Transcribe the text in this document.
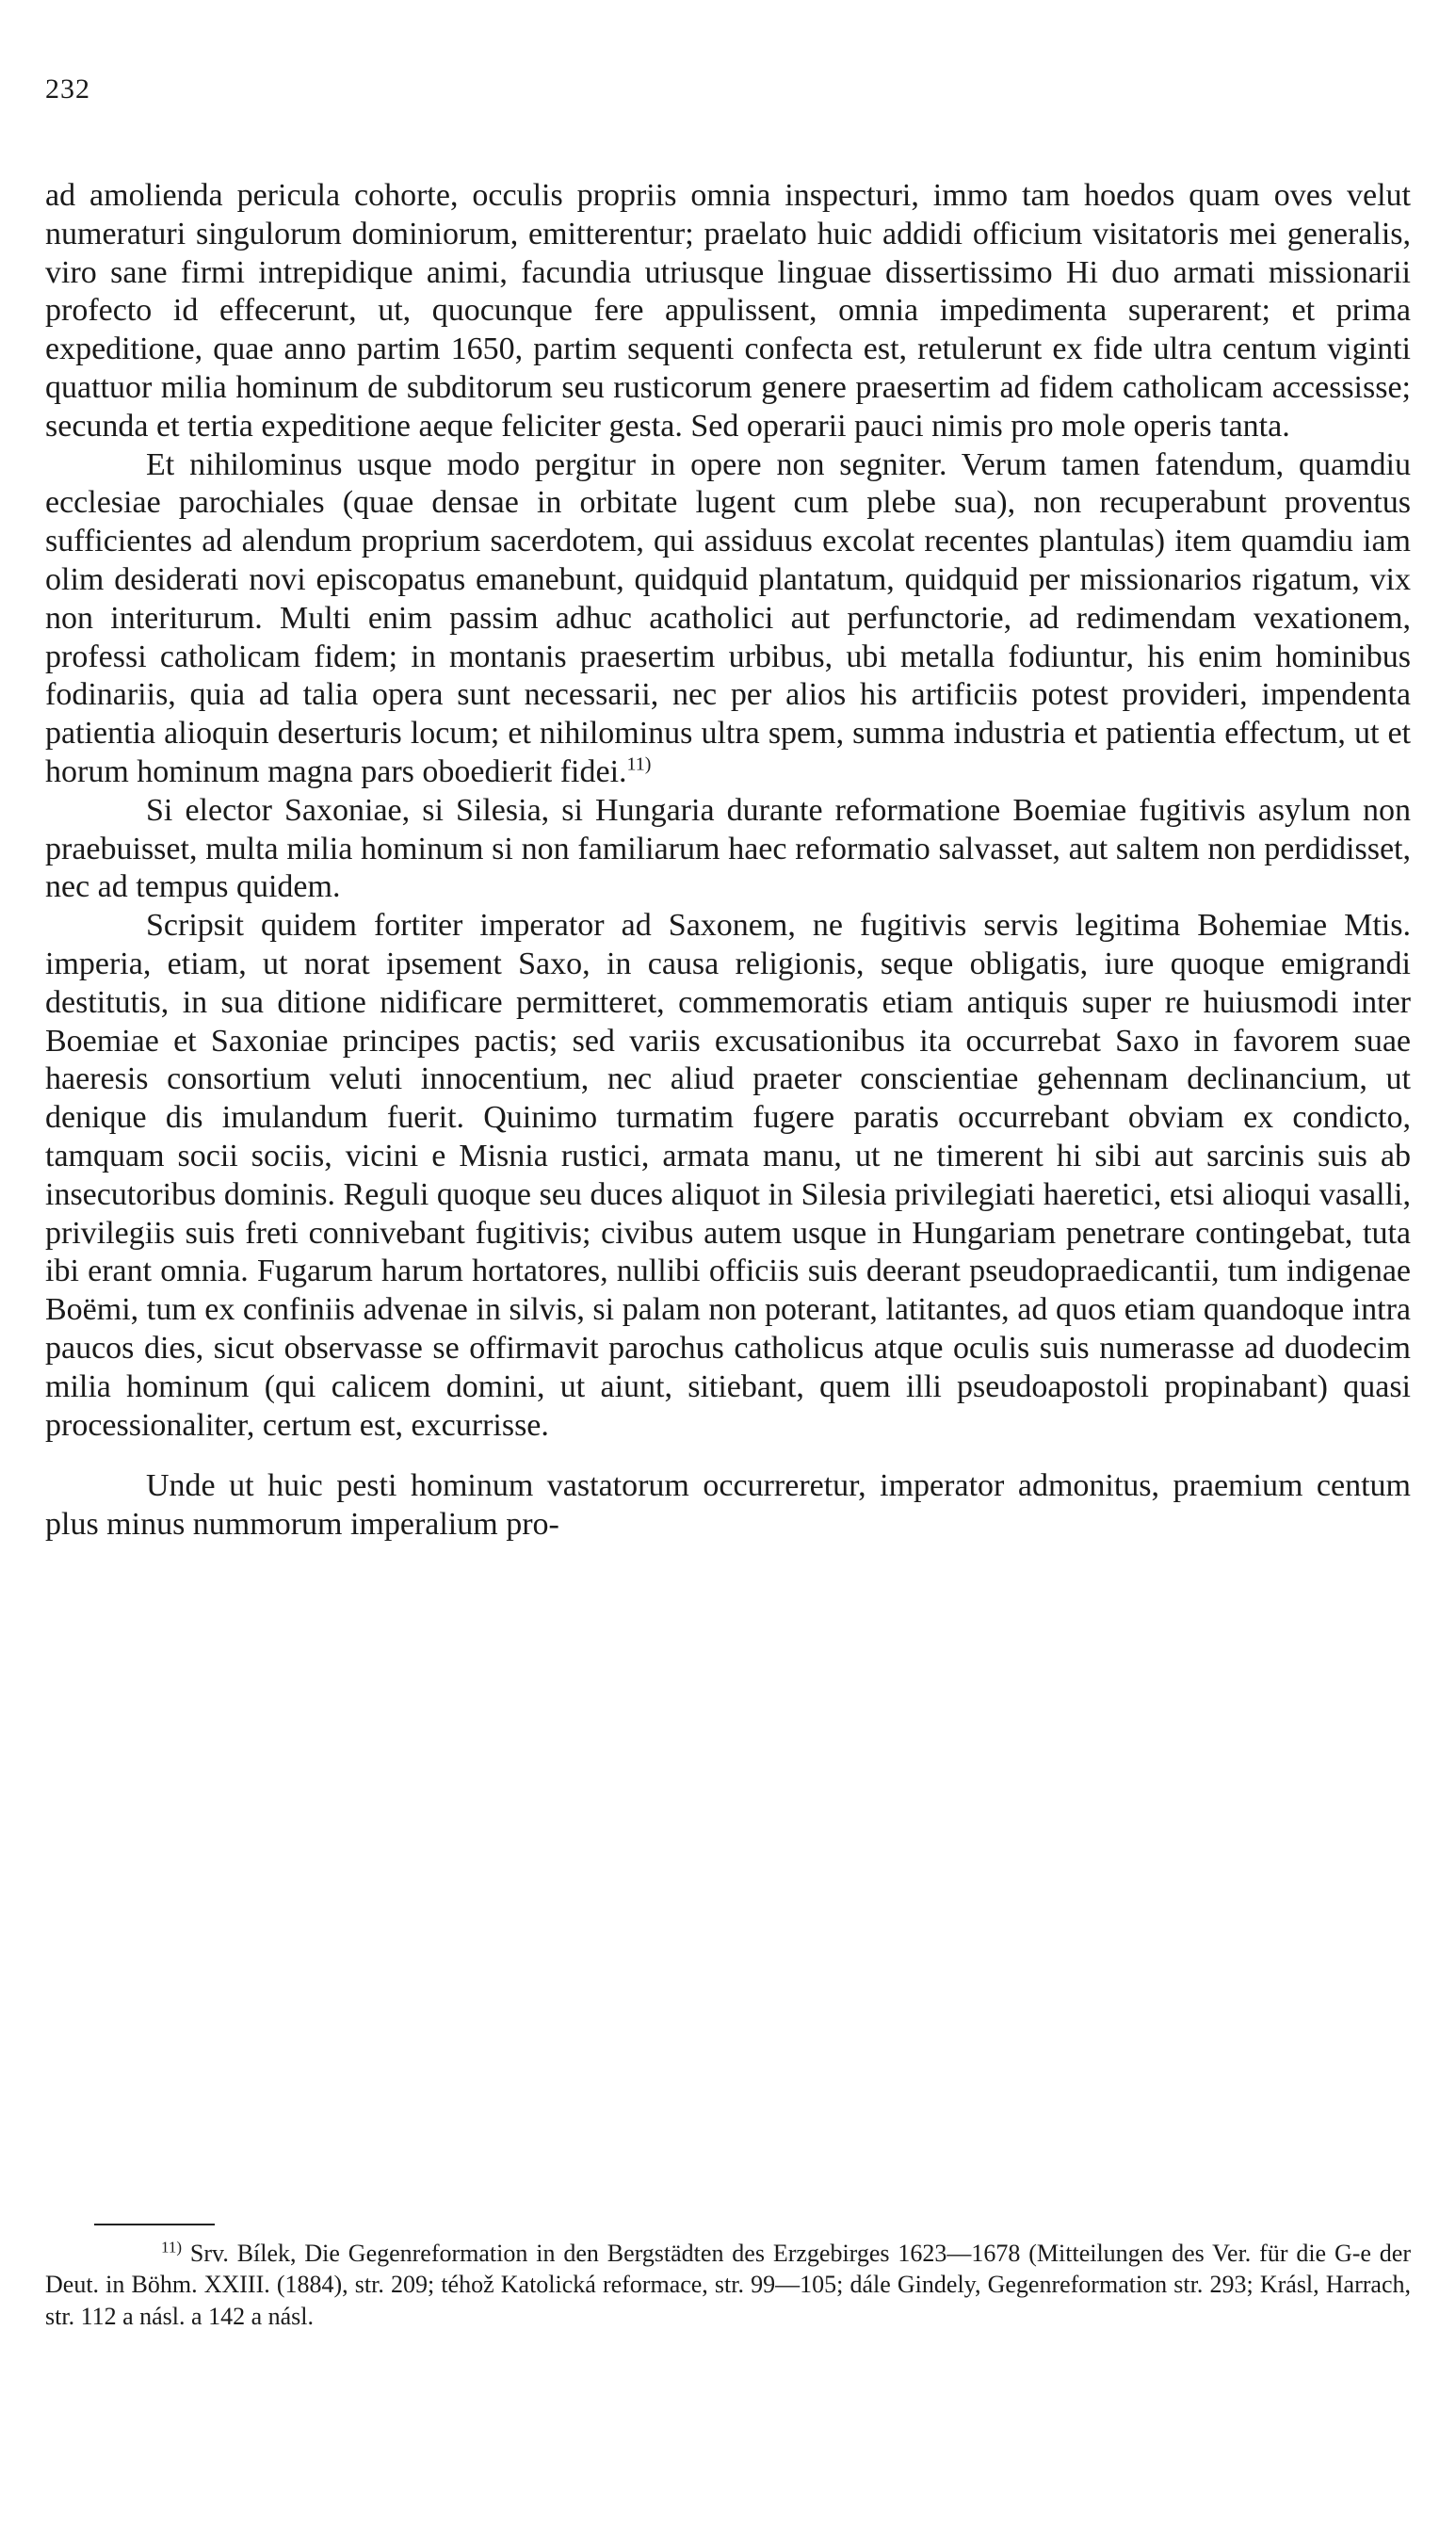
232

ad amolienda pericula cohorte, occulis propriis omnia inspecturi, immo tam hoedos quam oves velut numeraturi singulorum dominiorum, emitterentur; praelato huic addidi officium visitatoris mei generalis, viro sane firmi intrepidique animi, facundia utriusque linguae dissertissimo Hi duo armati missionarii profecto id effecerunt, ut, quocunque fere appulissent, omnia impedimenta superarent; et prima expeditione, quae anno partim 1650, partim sequenti confecta est, retulerunt ex fide ultra centum viginti quattuor milia hominum de subditorum seu rusticorum genere praesertim ad fidem catholicam accessisse; secunda et tertia expeditione aeque feliciter gesta. Sed operarii pauci nimis pro mole operis tanta.

Et nihilominus usque modo pergitur in opere non segniter. Verum tamen fatendum, quamdiu ecclesiae parochiales (quae densae in orbitate lugent cum plebe sua), non recuperabunt proventus sufficientes ad alendum proprium sacerdotem, qui assiduus excolat recentes plantulas) item quamdiu iam olim desiderati novi episcopatus emanebunt, quidquid plantatum, quidquid per missionarios rigatum, vix non interiturum. Multi enim passim adhuc acatholici aut perfunctorie, ad redimendam vexationem, professi catholicam fidem; in montanis praesertim urbibus, ubi metalla fodiuntur, his enim hominibus fodinariis, quia ad talia opera sunt necessarii, nec per alios his artificiis potest provideri, impendenta patientia alioquin deserturis locum; et nihilominus ultra spem, summa industria et patientia effectum, ut et horum hominum magna pars oboedierit fidei.$^{11)}$

Si elector Saxoniae, si Silesia, si Hungaria durante reformatione Boemiae fugitivis asylum non praebuisset, multa milia hominum si non familiarum haec reformatio salvasset, aut saltem non perdidisset, nec ad tempus quidem.

Scripsit quidem fortiter imperator ad Saxonem, ne fugitivis servis legitima Bohemiae Mtis. imperia, etiam, ut norat ipsement Saxo, in causa religionis, seque obligatis, iure quoque emigrandi destitutis, in sua ditione nidificare permitteret, commemoratis etiam antiquis super re huiusmodi inter Boemiae et Saxoniae principes pactis; sed variis excusationibus ita occurrebat Saxo in favorem suae haeresis consortium veluti innocentium, nec aliud praeter conscientiae gehennam declinancium, ut denique dis imulandum fuerit. Quinimo turmatim fugere paratis occurrebant obviam ex condicto, tamquam socii sociis, vicini e Misnia rustici, armata manu, ut ne timerent hi sibi aut sarcinis suis ab insecutoribus dominis. Reguli quoque seu duces aliquot in Silesia privilegiati haeretici, etsi alioqui vasalli, privilegiis suis freti connivebant fugitivis; civibus autem usque in Hungariam penetrare contingebat, tuta ibi erant omnia. Fugarum harum hortatores, nullibi officiis suis deerant pseudopraedicantii, tum indigenae Boëmi, tum ex confiniis advenae in silvis, si palam non poterant, latitantes, ad quos etiam quandoque intra paucos dies, sicut observasse se offirmavit parochus catholicus atque oculis suis numerasse ad duodecim milia hominum (qui calicem domini, ut aiunt, sitiebant, quem illi pseudoapostoli propinabant) quasi processionaliter, certum est, excurrisse.

Unde ut huic pesti hominum vastatorum occurreretur, imperator admonitus, praemium centum plus minus nummorum imperalium pro-

$^{11)}$ Srv. Bílek, Die Gegenreformation in den Bergstädten des Erzgebirges 1623—1678 (Mitteilungen des Ver. für die G-e der Deut. in Böhm. XXIII. (1884), str. 209; téhož Katolická reformace, str. 99—105; dále Gindely, Gegenreformation str. 293; Krásl, Harrach, str. 112 a násl. a 142 a násl.
